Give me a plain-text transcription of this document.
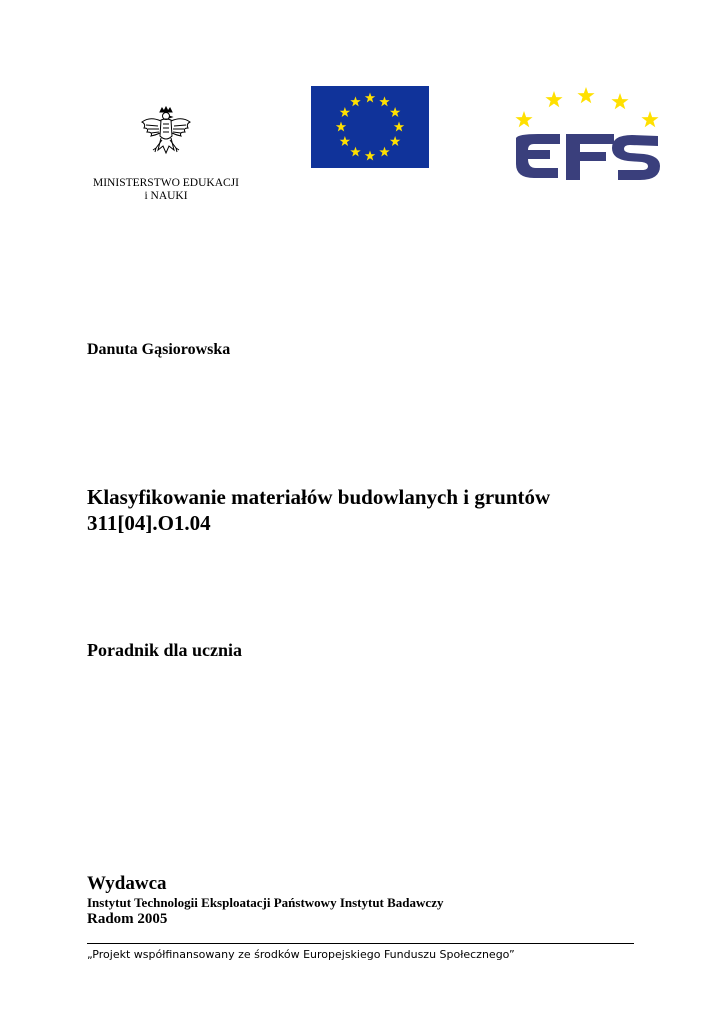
MINISTERSTWO EDUKACJI
i NAUKI
Danuta Gąsiorowska
Klasyfikowanie materiałów budowlanych i gruntów
311[04].O1.04
Poradnik dla ucznia
Wydawca
Instytut Technologii Eksploatacji Państwowy Instytut Badawczy
Radom 2005
„Projekt współfinansowany ze środków Europejskiego Funduszu Społecznego”
